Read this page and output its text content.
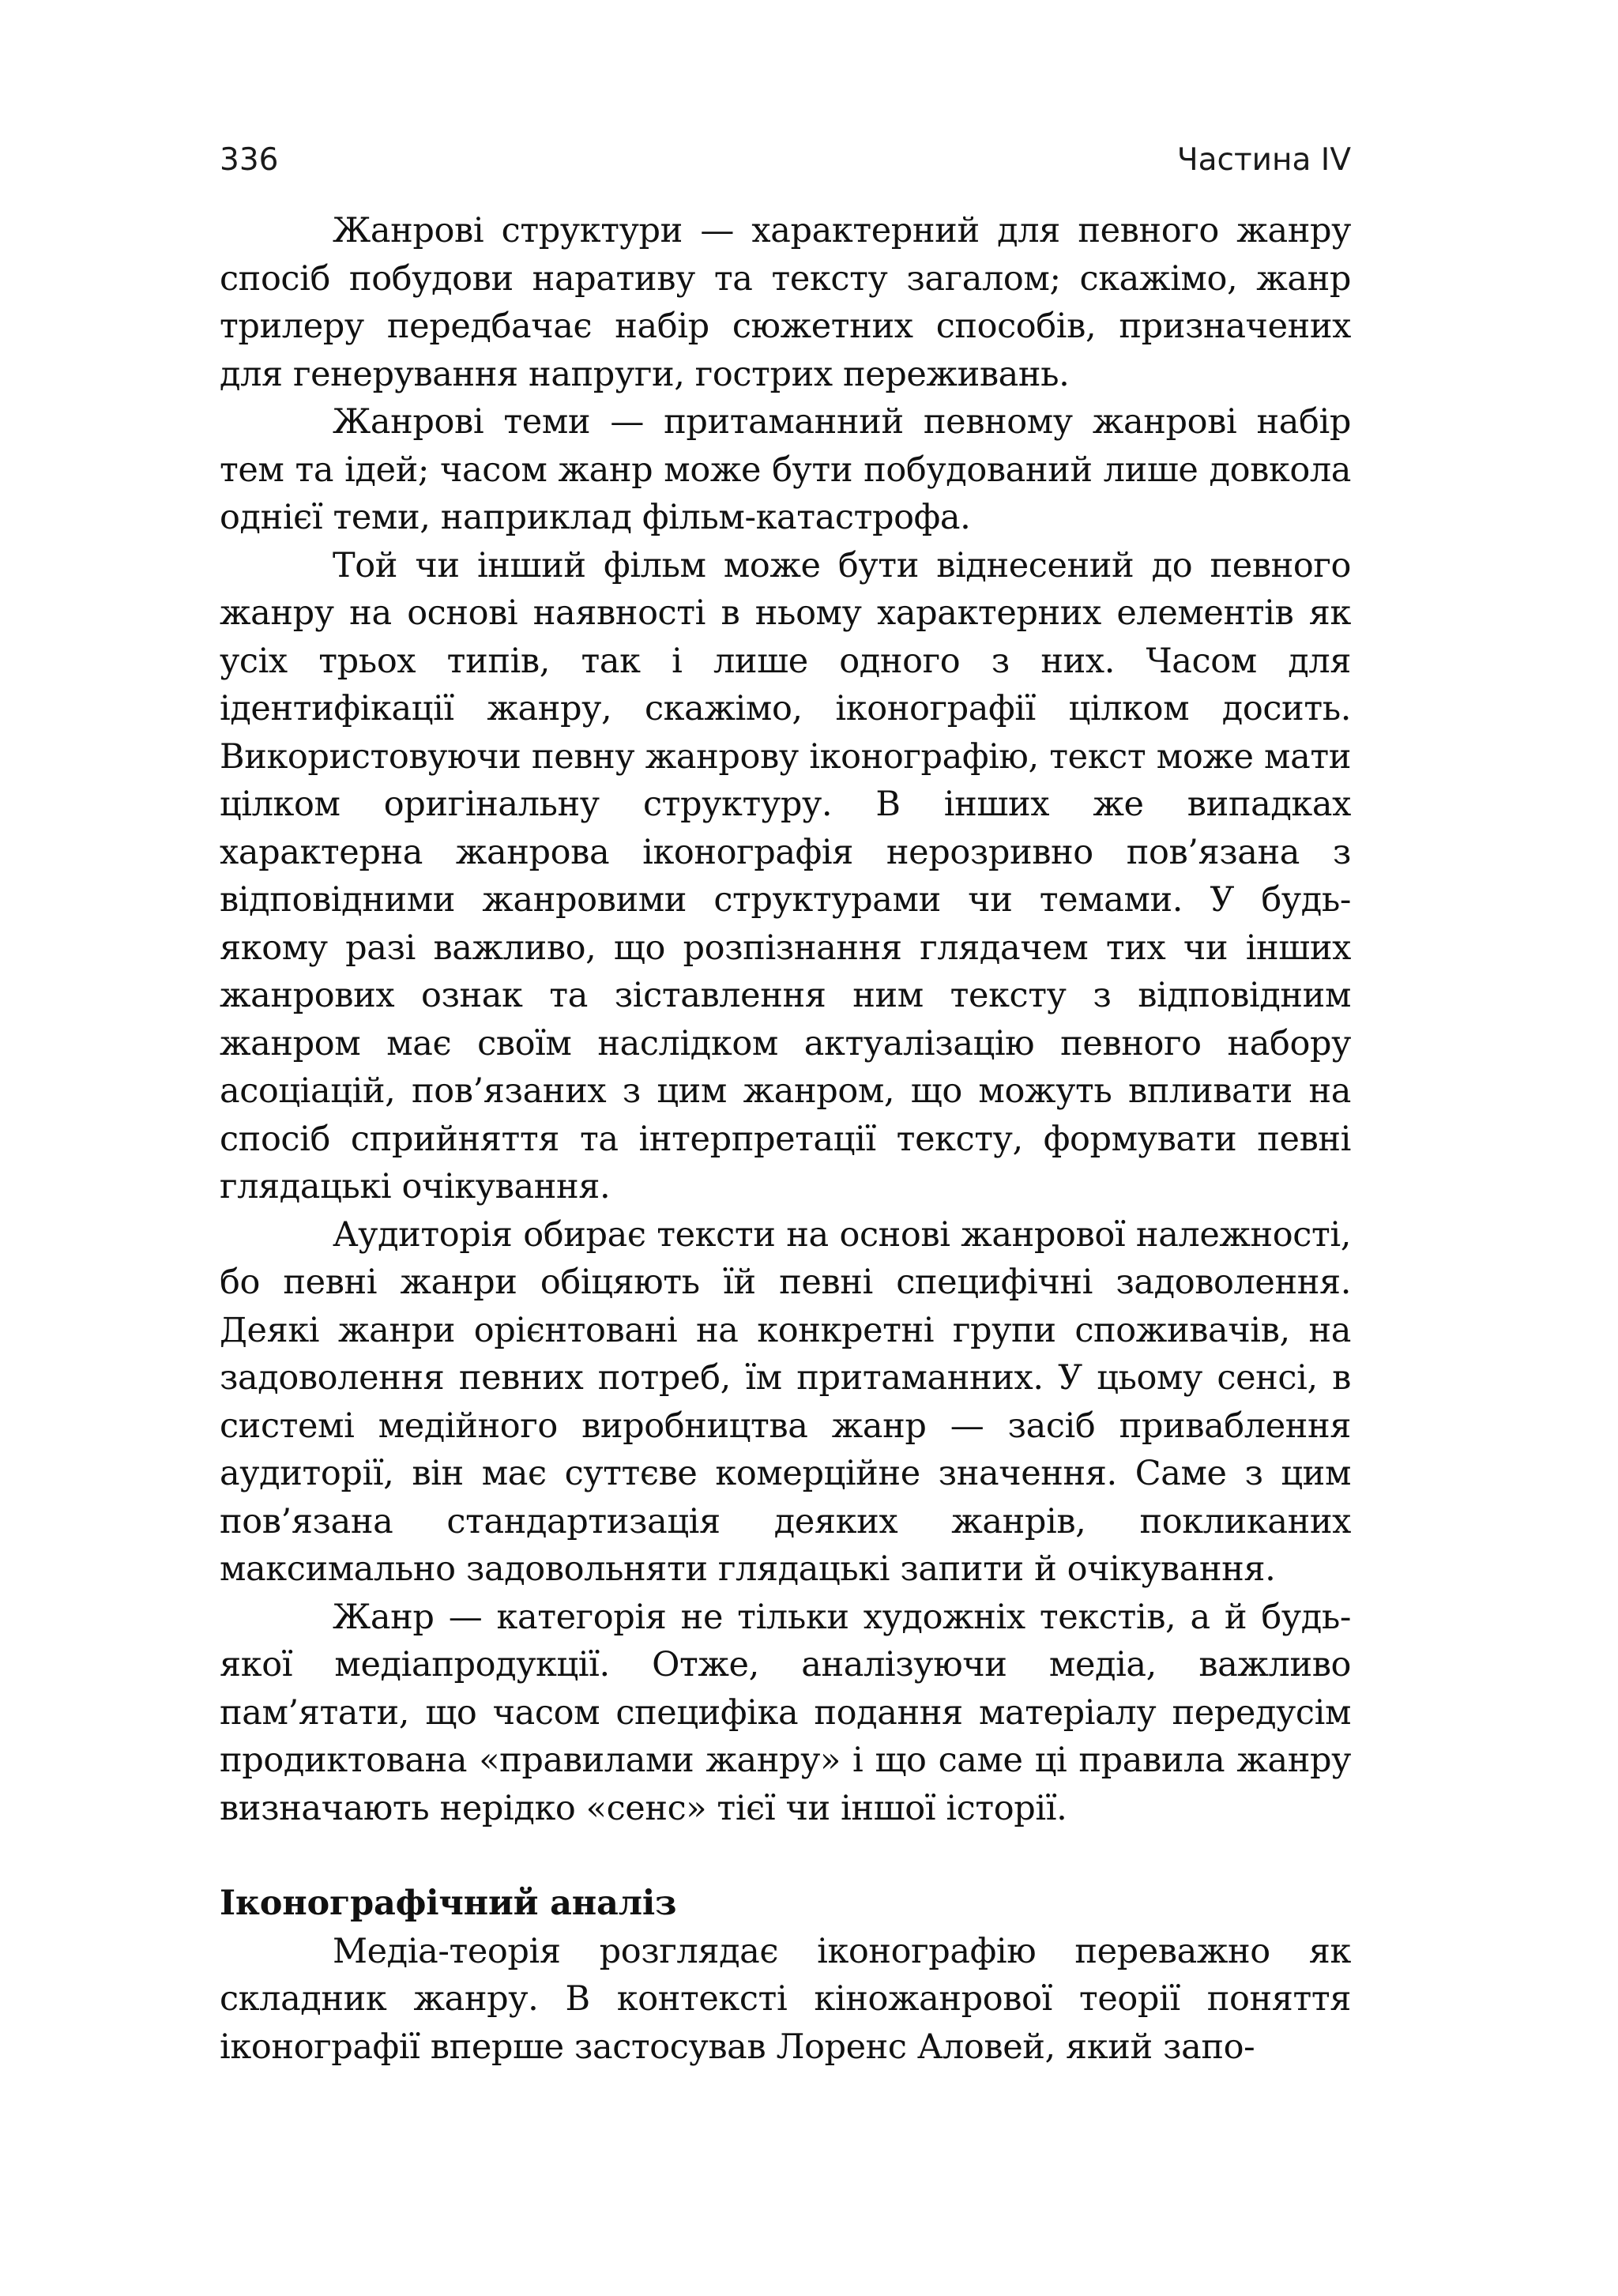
336	Частина IV

Жанрові структури — характерний для певного жанру спосіб побудови наративу та тексту загалом; скажімо, жанр трилеру передбачає набір сюжетних способів, призначених для генерування напруги, гострих переживань.

Жанрові теми — притаманний певному жанрові набір тем та ідей; часом жанр може бути побудований лише довкола однієї теми, наприклад фільм-катастрофа.

Той чи інший фільм може бути віднесений до певного жанру на основі наявності в ньому характерних елементів як усіх трьох типів, так і лише одного з них. Часом для ідентифікації жанру, скажімо, іконографії цілком досить. Використовуючи певну жанрову іконографію, текст може мати цілком оригінальну структуру. В інших же випадках характерна жанрова іконографія нерозривно пов’язана з відповідними жанровими структурами чи темами. У будь-якому разі важливо, що розпізнання глядачем тих чи інших жанрових ознак та зіставлення ним тексту з відповідним жанром має своїм наслідком актуалізацію певного набору асоціацій, пов’язаних з цим жанром, що можуть впливати на спосіб сприйняття та інтерпретації тексту, формувати певні глядацькі очікування.

Аудиторія обирає тексти на основі жанрової належності, бо певні жанри обіцяють їй певні специфічні задоволення. Деякі жанри орієнтовані на конкретні групи споживачів, на задоволення певних потреб, їм притаманних. У цьому сенсі, в системі медійного виробництва жанр — засіб приваблення аудиторії, він має суттєве комерційне значення. Саме з цим пов’язана стандартизація деяких жанрів, покликаних максимально задовольняти глядацькі запити й очікування.

Жанр — категорія не тільки художніх текстів, а й будь-якої медіапродукції. Отже, аналізуючи медіа, важливо пам’ятати, що часом специфіка подання матеріалу передусім продиктована «правилами жанру» і що саме ці правила жанру визначають нерідко «сенс» тієї чи іншої історії.

Іконографічний аналіз

Медіа-теорія розглядає іконографію переважно як складник жанру. В контексті кіножанрової теорії поняття іконографії вперше застосував Лоренс Аловей, який запо-
